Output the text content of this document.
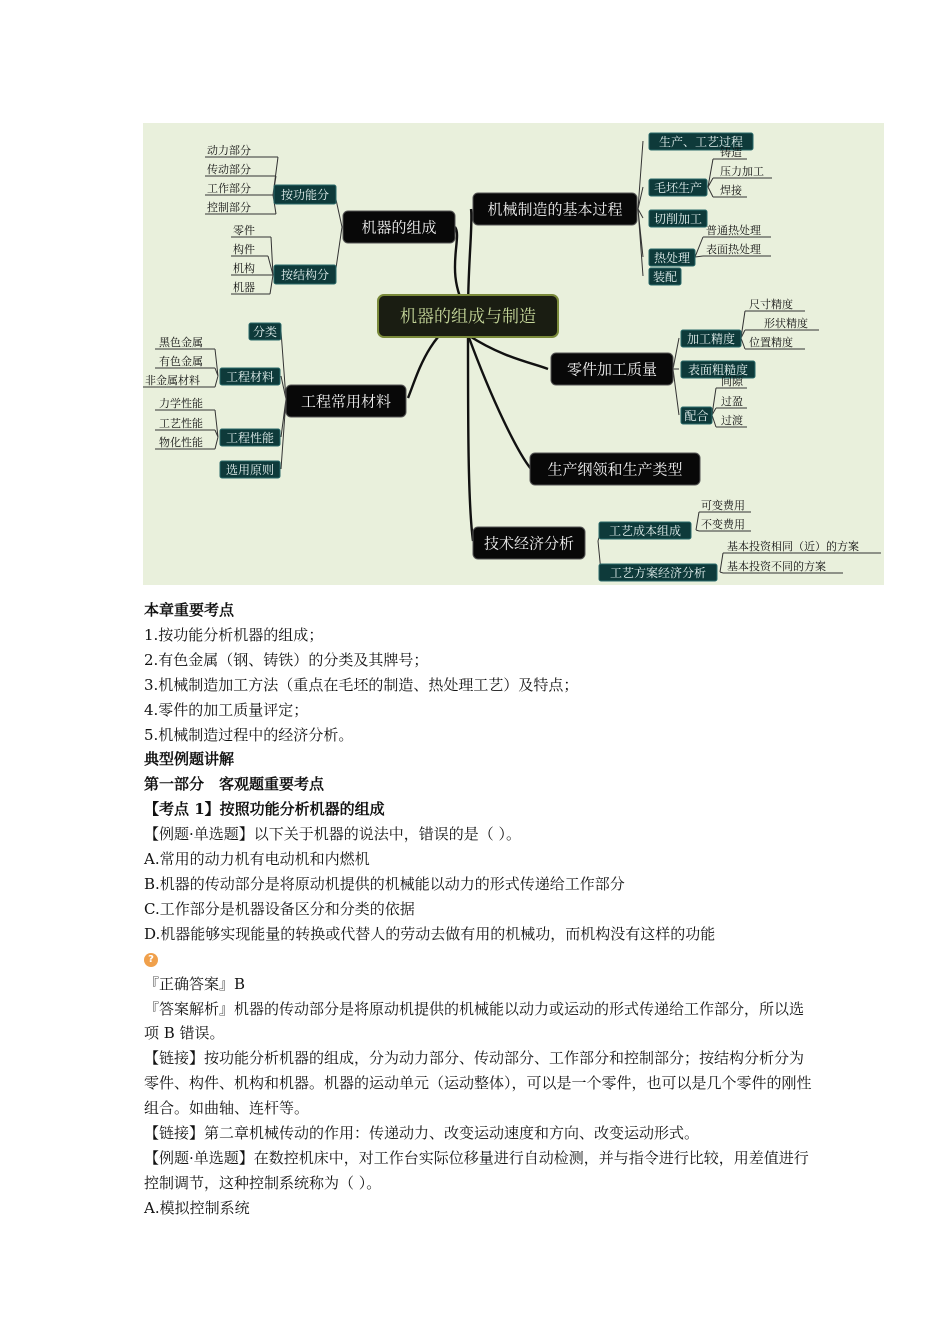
机器的组成与制造
机器的组成
按功能分
动力部分
传动部分
工作部分
控制部分
按结构分
零件
构件
机构
机器
工程常用材料
分类
工程材料
黑色金属
有色金属
非金属材料
工程性能
力学性能
工艺性能
物化性能
选用原则
机械制造的基本过程
生产、工艺过程
毛坯生产
铸造
压力加工
焊接
切削加工
热处理
普通热处理
表面热处理
装配
零件加工质量
加工精度
尺寸精度
形状精度
位置精度
表面粗糙度
配合
间隙
过盈
过渡
生产纲领和生产类型
技术经济分析
工艺成本组成
可变费用
不变费用
工艺方案经济分析
基本投资相同（近）的方案
基本投资不同的方案

本章重要考点

1.按功能分析机器的组成；

2.有色金属（钢、铸铁）的分类及其牌号；

3.机械制造加工方法（重点在毛坯的制造、热处理工艺）及特点；

4.零件的加工质量评定；

5.机械制造过程中的经济分析。

典型例题讲解

第一部分　客观题重要考点

【考点 1】按照功能分析机器的组成

【例题·单选题】以下关于机器的说法中，错误的是（ ）。

A.常用的动力机有电动机和内燃机

B.机器的传动部分是将原动机提供的机械能以动力的形式传递给工作部分

C.工作部分是机器设备区分和分类的依据

D.机器能够实现能量的转换或代替人的劳动去做有用的机械功，而机构没有这样的功能

?

『正确答案』B

『答案解析』机器的传动部分是将原动机提供的机械能以动力或运动的形式传递给工作部分，所以选项 B 错误。

【链接】按功能分析机器的组成，分为动力部分、传动部分、工作部分和控制部分；按结构分析分为零件、构件、机构和机器。机器的运动单元（运动整体），可以是一个零件，也可以是几个零件的刚性组合。如曲轴、连杆等。

【链接】第二章机械传动的作用：传递动力、改变运动速度和方向、改变运动形式。

【例题·单选题】在数控机床中，对工作台实际位移量进行自动检测，并与指令进行比较，用差值进行控制调节，这种控制系统称为（ ）。

A.模拟控制系统
